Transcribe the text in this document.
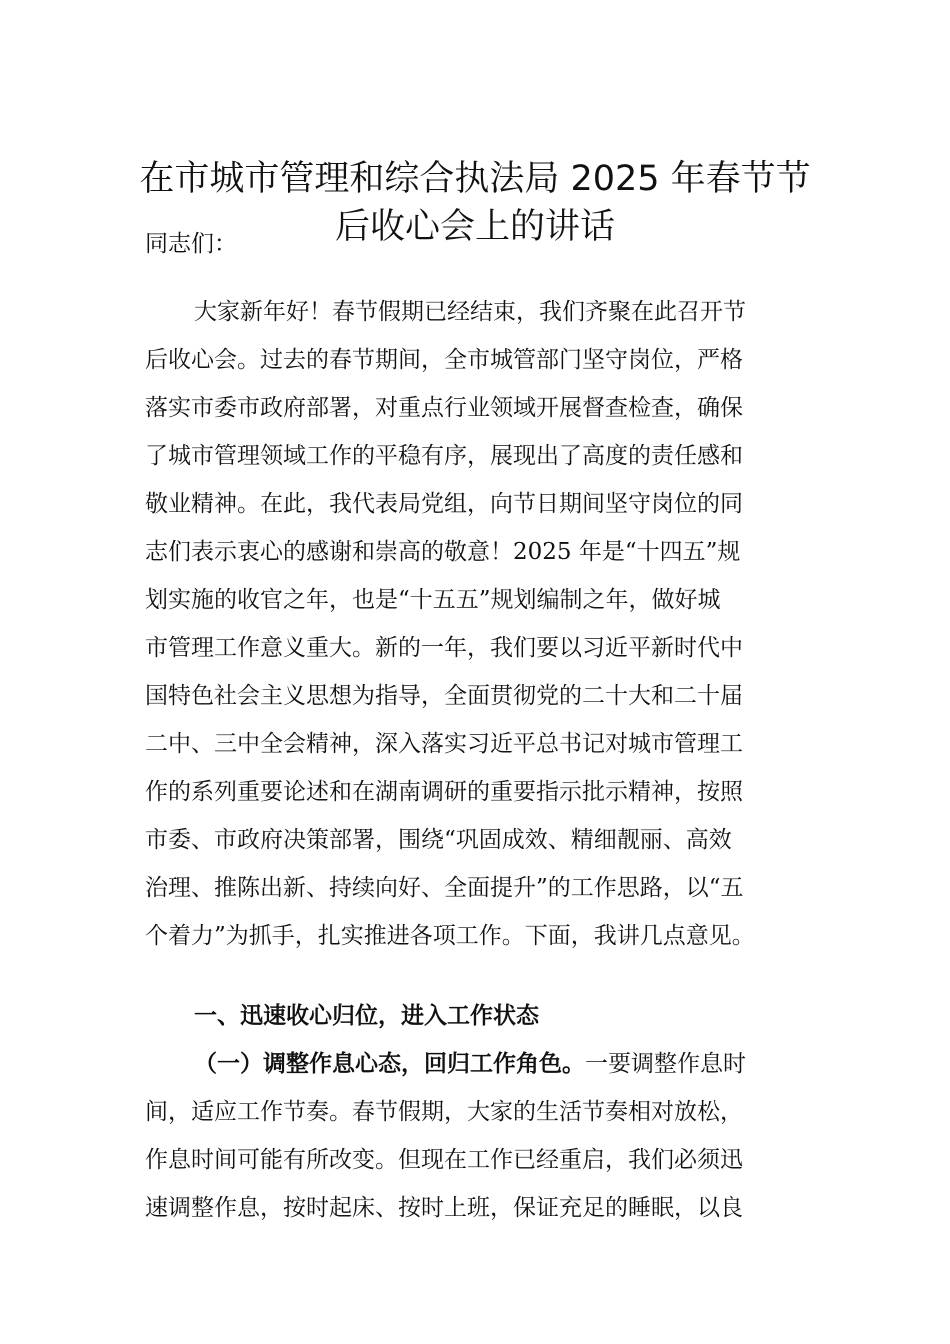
在市城市管理和综合执法局 2025 年春节节
后收心会上的讲话
同志们：
大家新年好！春节假期已经结束，我们齐聚在此召开节
后收心会。过去的春节期间，全市城管部门坚守岗位，严格
落实市委市政府部署，对重点行业领域开展督查检查，确保
了城市管理领域工作的平稳有序，展现出了高度的责任感和
敬业精神。在此，我代表局党组，向节日期间坚守岗位的同
志们表示衷心的感谢和崇高的敬意！2025 年是“十四五”规
划实施的收官之年，也是“十五五”规划编制之年，做好城
市管理工作意义重大。新的一年，我们要以习近平新时代中
国特色社会主义思想为指导，全面贯彻党的二十大和二十届
二中、三中全会精神，深入落实习近平总书记对城市管理工
作的系列重要论述和在湖南调研的重要指示批示精神，按照
市委、市政府决策部署，围绕“巩固成效、精细靓丽、高效
治理、推陈出新、持续向好、全面提升”的工作思路，以“五
个着力”为抓手，扎实推进各项工作。下面，我讲几点意见。
一、迅速收心归位，进入工作状态
（一）调整作息心态，回归工作角色。一要调整作息时
间，适应工作节奏。春节假期，大家的生活节奏相对放松，
作息时间可能有所改变。但现在工作已经重启，我们必须迅
速调整作息，按时起床、按时上班，保证充足的睡眠，以良
